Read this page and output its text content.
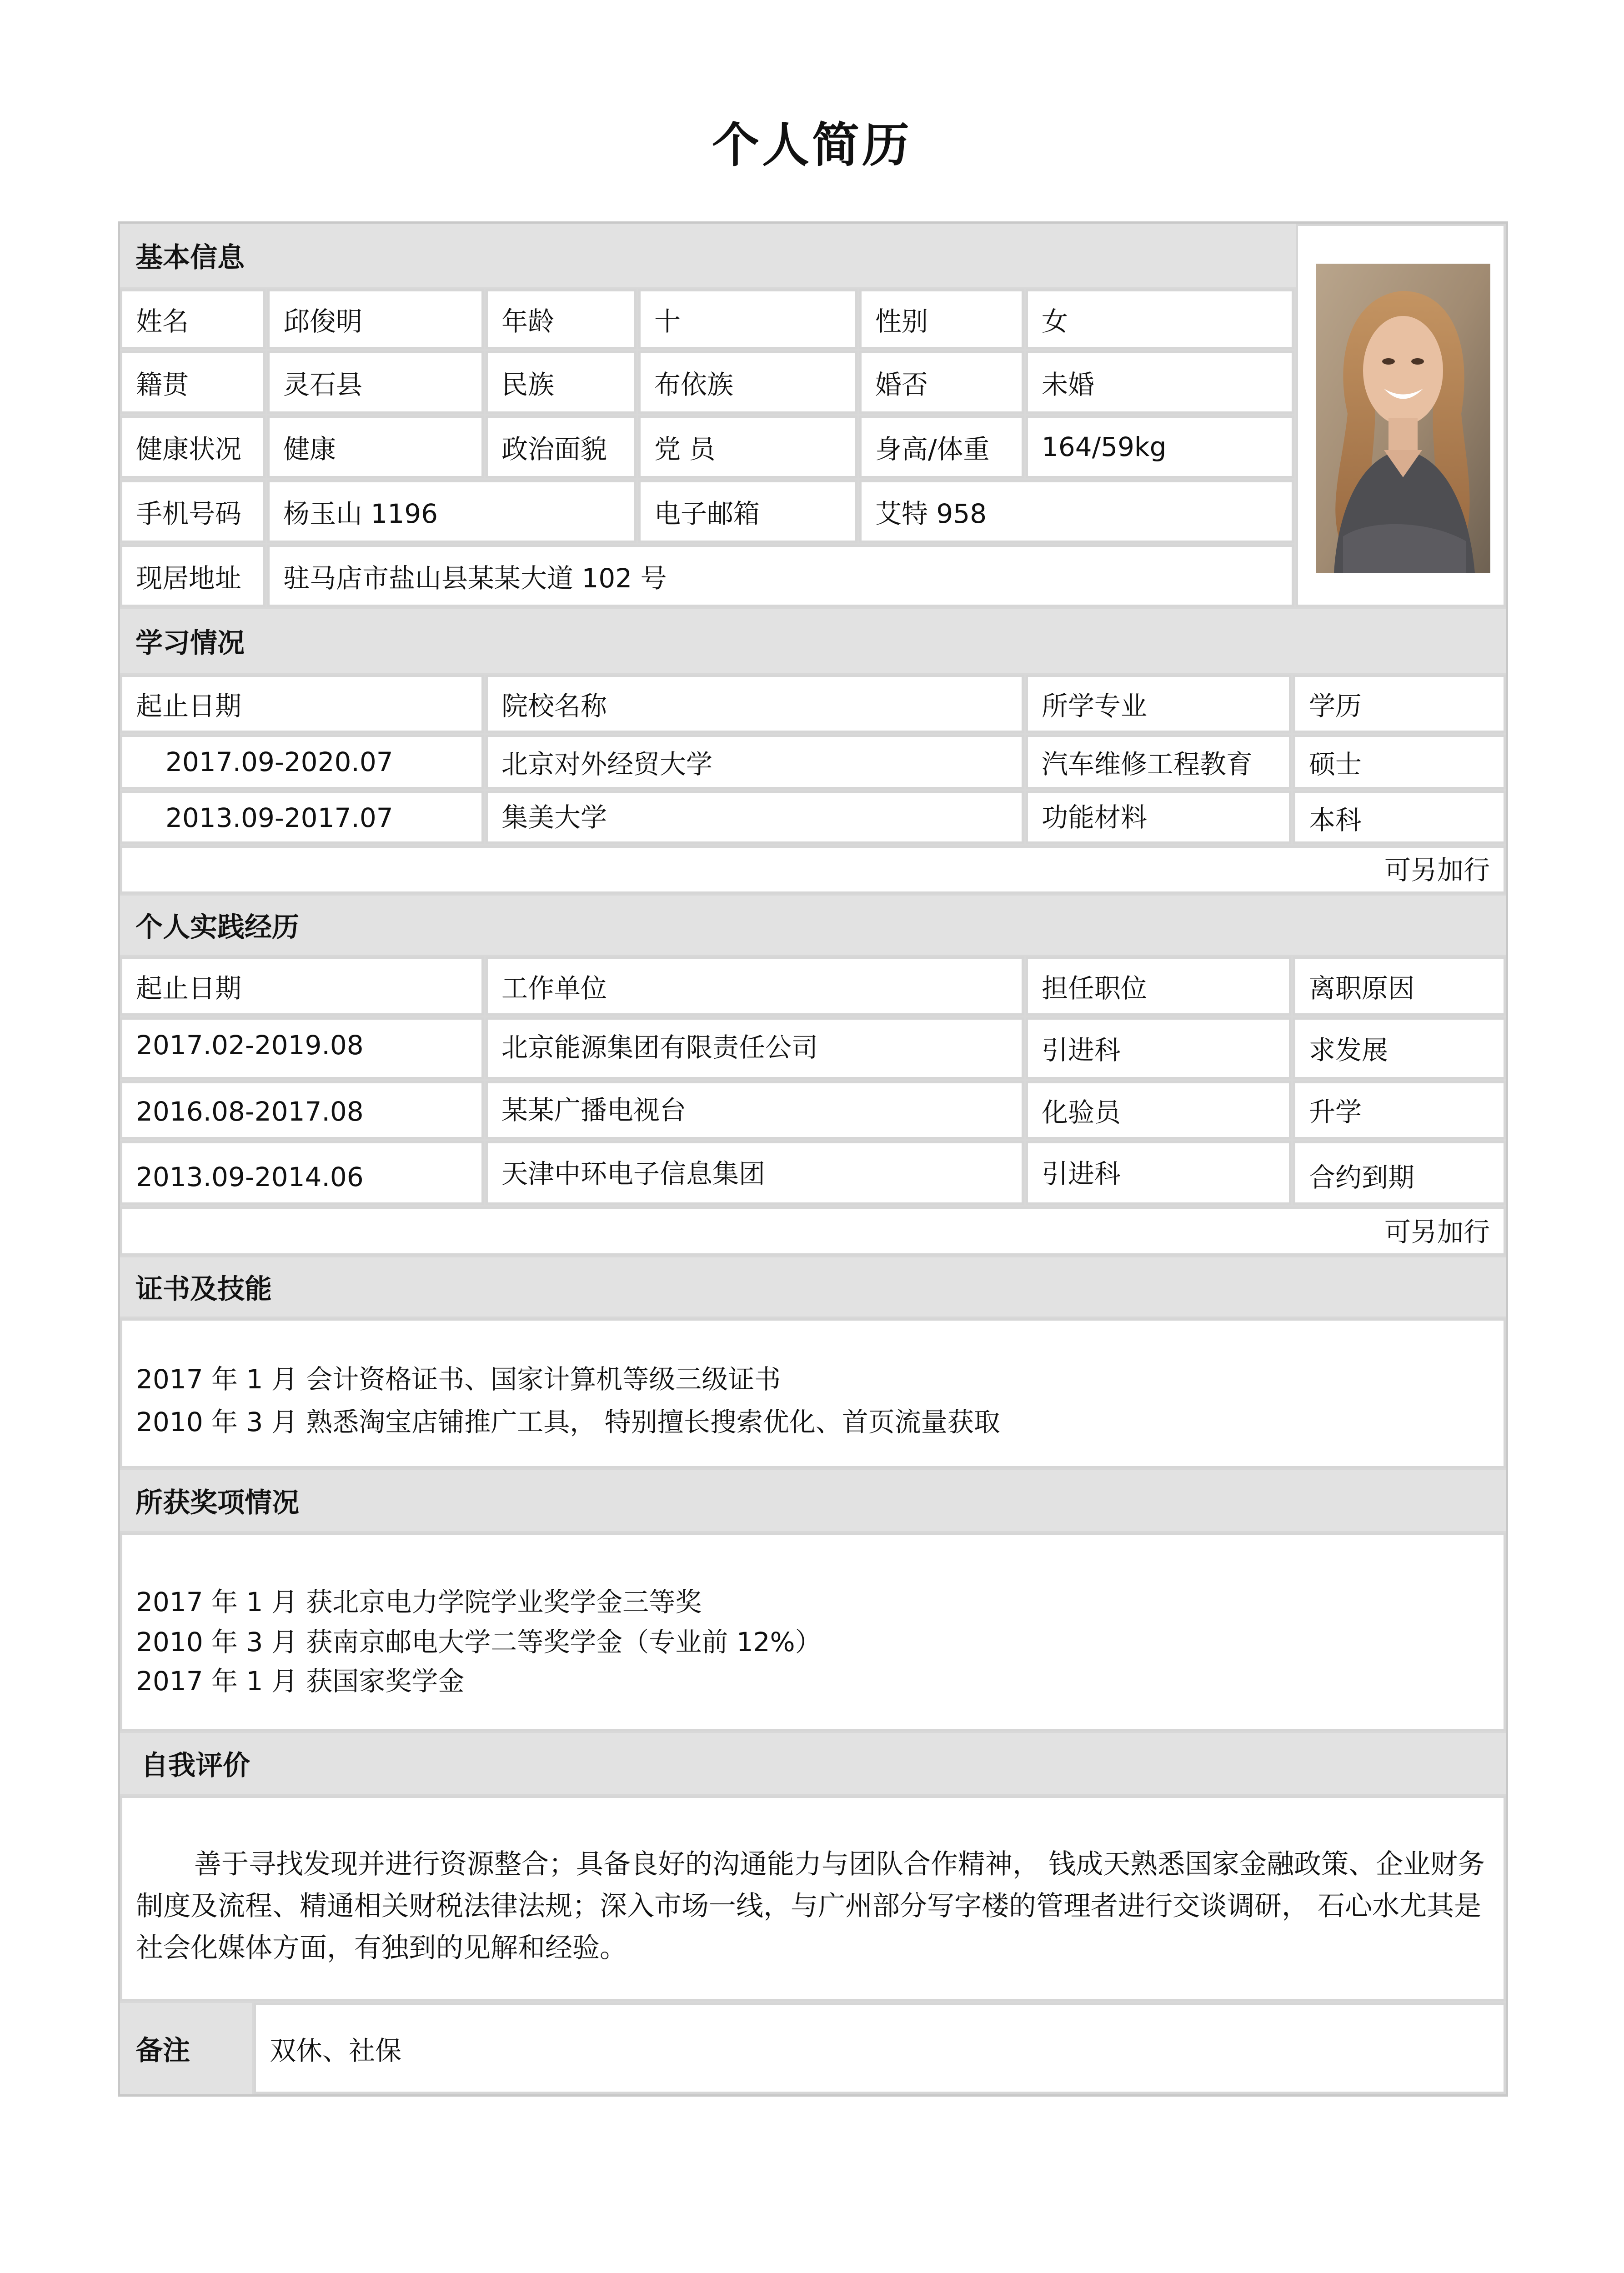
个人简历
基本信息
姓名	邱俊明	年龄	十	性别	女
籍贯	灵石县	民族	布依族	婚否	未婚
健康状况	健康	政治面貌	党 员	身高/体重	164/59kg
手机号码	杨玉山 1196	电子邮箱	艾特 958
现居地址	驻马店市盐山县某某大道 102 号
学习情况
起止日期	院校名称	所学专业	学历
2017.09-2020.07	北京对外经贸大学	汽车维修工程教育	硕士
2013.09-2017.07	集美大学	功能材料	本科
可另加行
个人实践经历
起止日期	工作单位	担任职位	离职原因
2017.02-2019.08	北京能源集团有限责任公司	引进科	求发展
2016.08-2017.08	某某广播电视台	化验员	升学
2013.09-2014.06	天津中环电子信息集团	引进科	合约到期
可另加行
证书及技能
2017 年 1 月 会计资格证书、国家计算机等级三级证书
2010 年 3 月 熟悉淘宝店铺推广工具， 特别擅长搜索优化、首页流量获取
所获奖项情况
2017 年 1 月 获北京电力学院学业奖学金三等奖
2010 年 3 月 获南京邮电大学二等奖学金（专业前 12%）
2017 年 1 月 获国家奖学金
自我评价
善于寻找发现并进行资源整合；具备良好的沟通能力与团队合作精神， 钱成天熟悉国家金融政策、企业财务制度及流程、精通相关财税法律法规；深入市场一线，与广州部分写字楼的管理者进行交谈调研， 石心水尤其是社会化媒体方面，有独到的见解和经验。
备注	双休、社保
